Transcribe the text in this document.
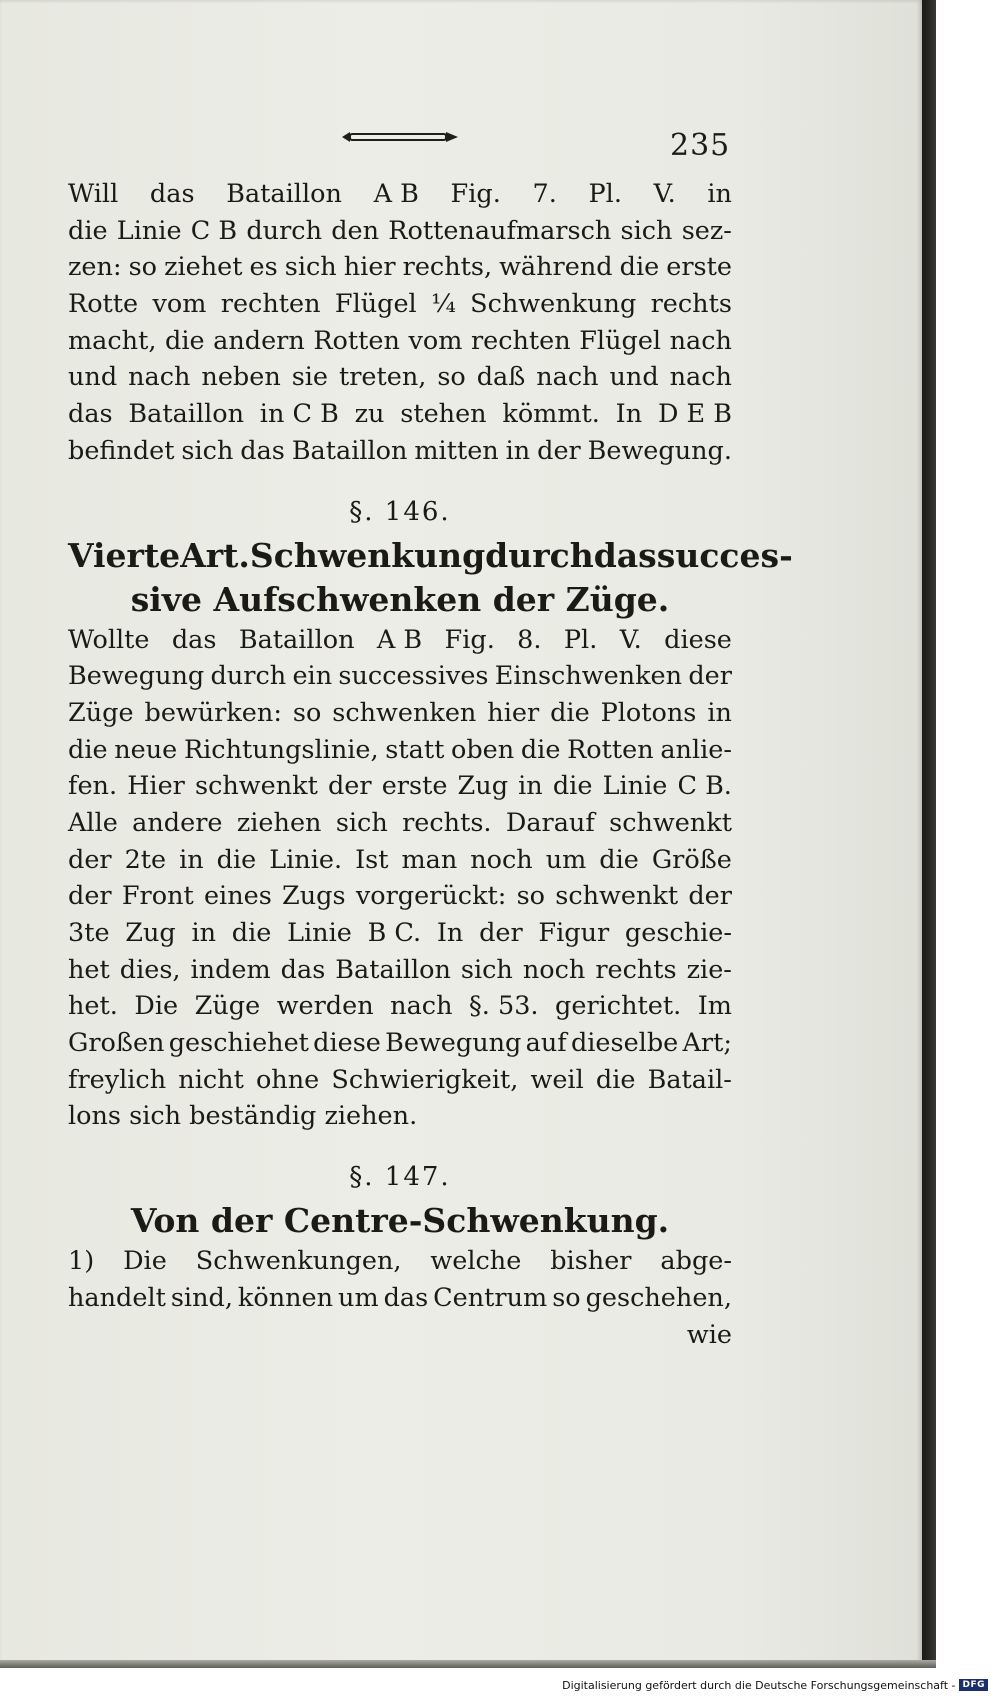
235
Will das Bataillon A B Fig. 7. Pl. V. in
die Linie C B durch den Rottenaufmarsch sich sez-
zen: so ziehet es sich hier rechts, während die erste
Rotte vom rechten Flügel ¼ Schwenkung rechts
macht, die andern Rotten vom rechten Flügel nach
und nach neben sie treten, so daß nach und nach
das Bataillon in C B zu stehen kömmt. In D E B
befindet sich das Bataillon mitten in der Bewegung.
§. 146.
Vierte Art. Schwenkung durch das succes-
sive Aufschwenken der Züge.
Wollte das Bataillon A B Fig. 8. Pl. V. diese
Bewegung durch ein successives Einschwenken der
Züge bewürken: so schwenken hier die Plotons in
die neue Richtungslinie, statt oben die Rotten anlie-
fen. Hier schwenkt der erste Zug in die Linie C B.
Alle andere ziehen sich rechts. Darauf schwenkt
der 2te in die Linie. Ist man noch um die Größe
der Front eines Zugs vorgerückt: so schwenkt der
3te Zug in die Linie B C. In der Figur geschie-
het dies, indem das Bataillon sich noch rechts zie-
het. Die Züge werden nach §. 53. gerichtet. Im
Großen geschiehet diese Bewegung auf dieselbe Art;
freylich nicht ohne Schwierigkeit, weil die Batail-
lons sich beständig ziehen.
§. 147.
Von der Centre-Schwenkung.
1) Die Schwenkungen, welche bisher abge-
handelt sind, können um das Centrum so geschehen,
wie
Digitalisierung gefördert durch die Deutsche Forschungsgemeinschaft - DFG
